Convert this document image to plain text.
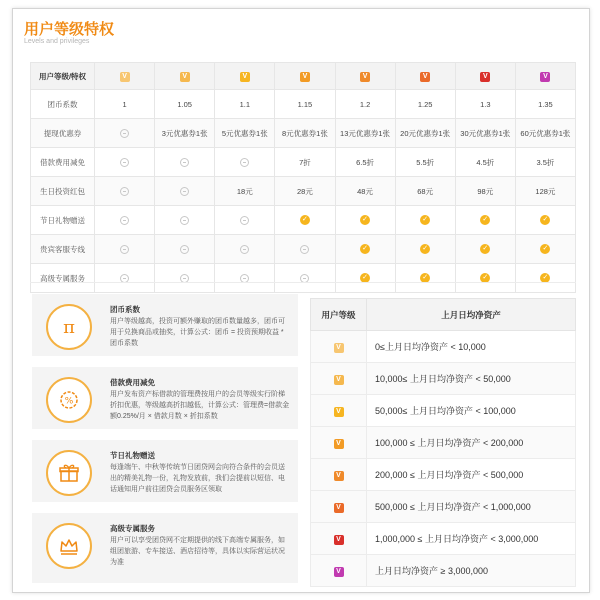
用户等级特权
Levels and privileges
用户等级/特权	V	V	V	V	V	V	V	V
团币系数	1	1.05	1.1	1.15	1.2	1.25	1.3	1.35
提现优惠券		3元优惠券1张	5元优惠券1张	8元优惠券1张	13元优惠券1张	20元优惠券1张	30元优惠券1张	60元优惠券1张
借款费用减免				7折	6.5折	5.5折	4.5折	3.5折
生日投资红包			18元	28元	48元	68元	98元	128元
节日礼物赠送				✓	✓	✓	✓	✓
贵宾客服专线					✓	✓	✓	✓
高级专属服务					✓	✓	✓	✓
π
团币系数
用户等级越高，投资可额外赚取的团币数量越多，团币可用于兑换商品或抽奖，计算公式：团币 = 投资预期收益 * 团币系数
%
借款费用减免
用户发布资产标借款的管理费按用户的会员等级实行阶梯折扣优惠，等级越高折扣越低，计算公式：管理费=借款金额0.25%/月 × 借款月数 × 折扣系数
节日礼物赠送
每逢端午、中秋等传统节日团贷网会向符合条件的会员送出的精美礼物一份，礼物发放前，我们会提前以短信、电话通知用户前往团贷会员服务区领取
高级专属服务
用户可以享受团贷网不定期提供的线下高端专属服务，如组团旅游、专车接送、酒店招待等，具体以实际营运状况为准
用户等级	上月日均净资产
V	0≤上月日均净资产 < 10,000
V	10,000≤ 上月日均净资产 < 50,000
V	50,000≤ 上月日均净资产 < 100,000
V	100,000 ≤ 上月日均净资产 < 200,000
V	200,000 ≤ 上月日均净资产 < 500,000
V	500,000 ≤ 上月日均净资产 < 1,000,000
V	1,000,000 ≤ 上月日均净资产 < 3,000,000
V	上月日均净资产 ≥ 3,000,000
